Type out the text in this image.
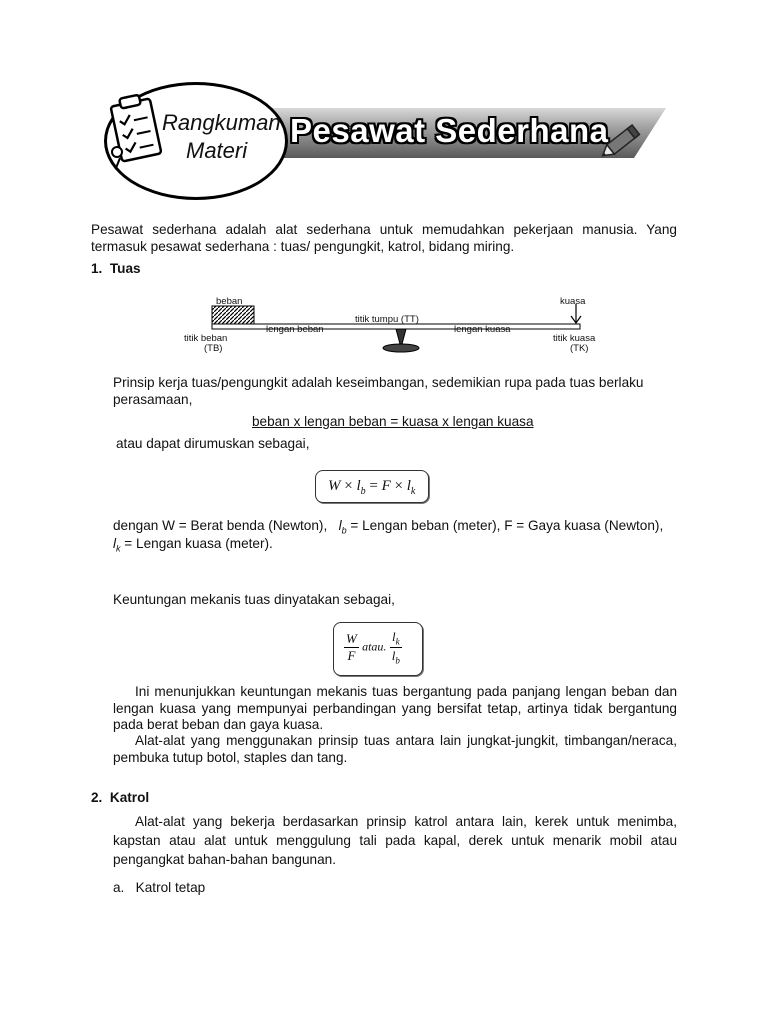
Pesawat Sederhana
Rangkuman
Materi
Pesawat sederhana adalah alat sederhana untuk memudahkan pekerjaan manusia. Yang termasuk pesawat sederhana : tuas/ pengungkit, katrol, bidang miring.
1.  Tuas
beban	kuasa
titik tumpu (TT)
lengan beban	lengan kuasa
titik beban
(TB)
titik kuasa
(TK)
Prinsip kerja tuas/pengungkit adalah keseimbangan, sedemikian rupa pada tuas berlaku perasamaan,
beban x lengan beban = kuasa x lengan kuasa
atau dapat dirumuskan sebagai,
$W \times l_b = F \times l_k$
dengan W = Berat benda (Newton), $l_b$ = Lengan beban (meter), F = Gaya kuasa (Newton),
$l_k$ = Lengan kuasa (meter).
Keuntungan mekanis tuas dinyatakan sebagai,
$\frac{W}{F}$ atau. $\frac{l_k}{l_b}$
Ini menunjukkan keuntungan mekanis tuas bergantung pada panjang lengan beban dan lengan kuasa yang mempunyai perbandingan yang bersifat tetap, artinya tidak bergantung pada berat beban dan gaya kuasa.
Alat-alat yang menggunakan prinsip tuas antara lain jungkat-jungkit, timbangan/neraca, pembuka tutup botol, staples dan tang.
2.  Katrol
Alat-alat yang bekerja berdasarkan prinsip katrol antara lain, kerek untuk menimba, kapstan atau alat untuk menggulung tali pada kapal, derek untuk menarik mobil atau pengangkat bahan-bahan bangunan.
a.   Katrol tetap
